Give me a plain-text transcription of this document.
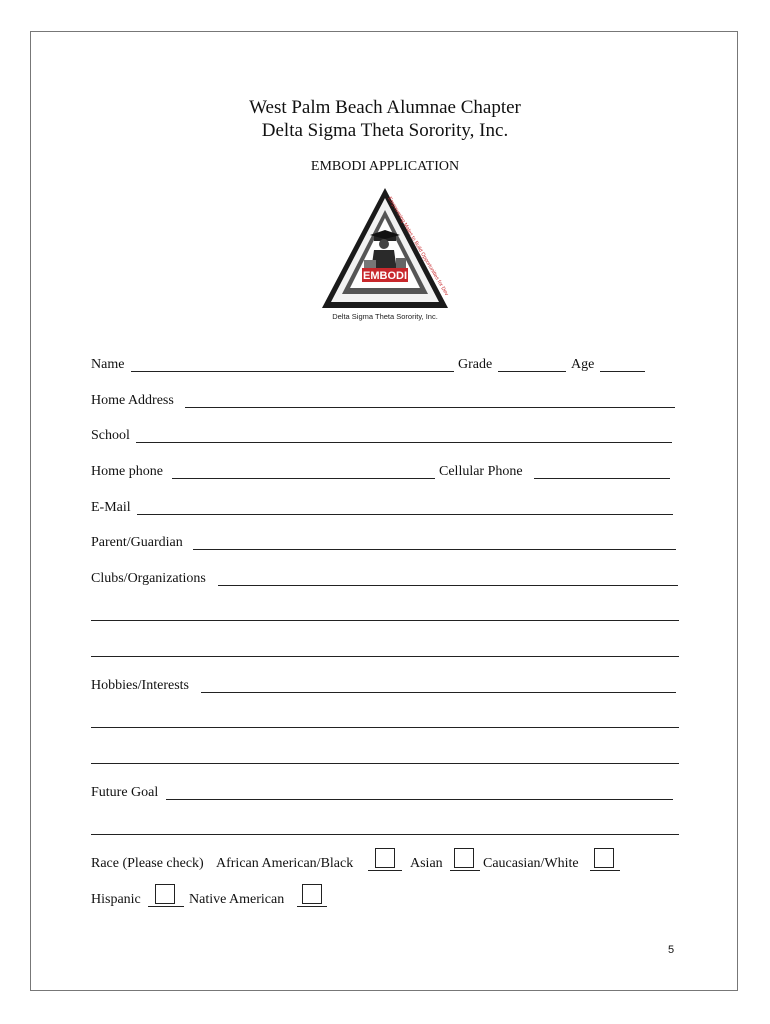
West Palm Beach Alumnae Chapter
Delta Sigma Theta Sorority, Inc.
EMBODI APPLICATION
EMBODI
Empowering Males to Build Opportunities for Dev
Delta Sigma Theta Sorority, Inc.
Name	Grade	Age
Home Address
School
Home phone	Cellular Phone
E-Mail
Parent/Guardian
Clubs/Organizations
Hobbies/Interests
Future Goal
Race (Please check) African American/Black	Asian	Caucasian/White
Hispanic	Native American
5
